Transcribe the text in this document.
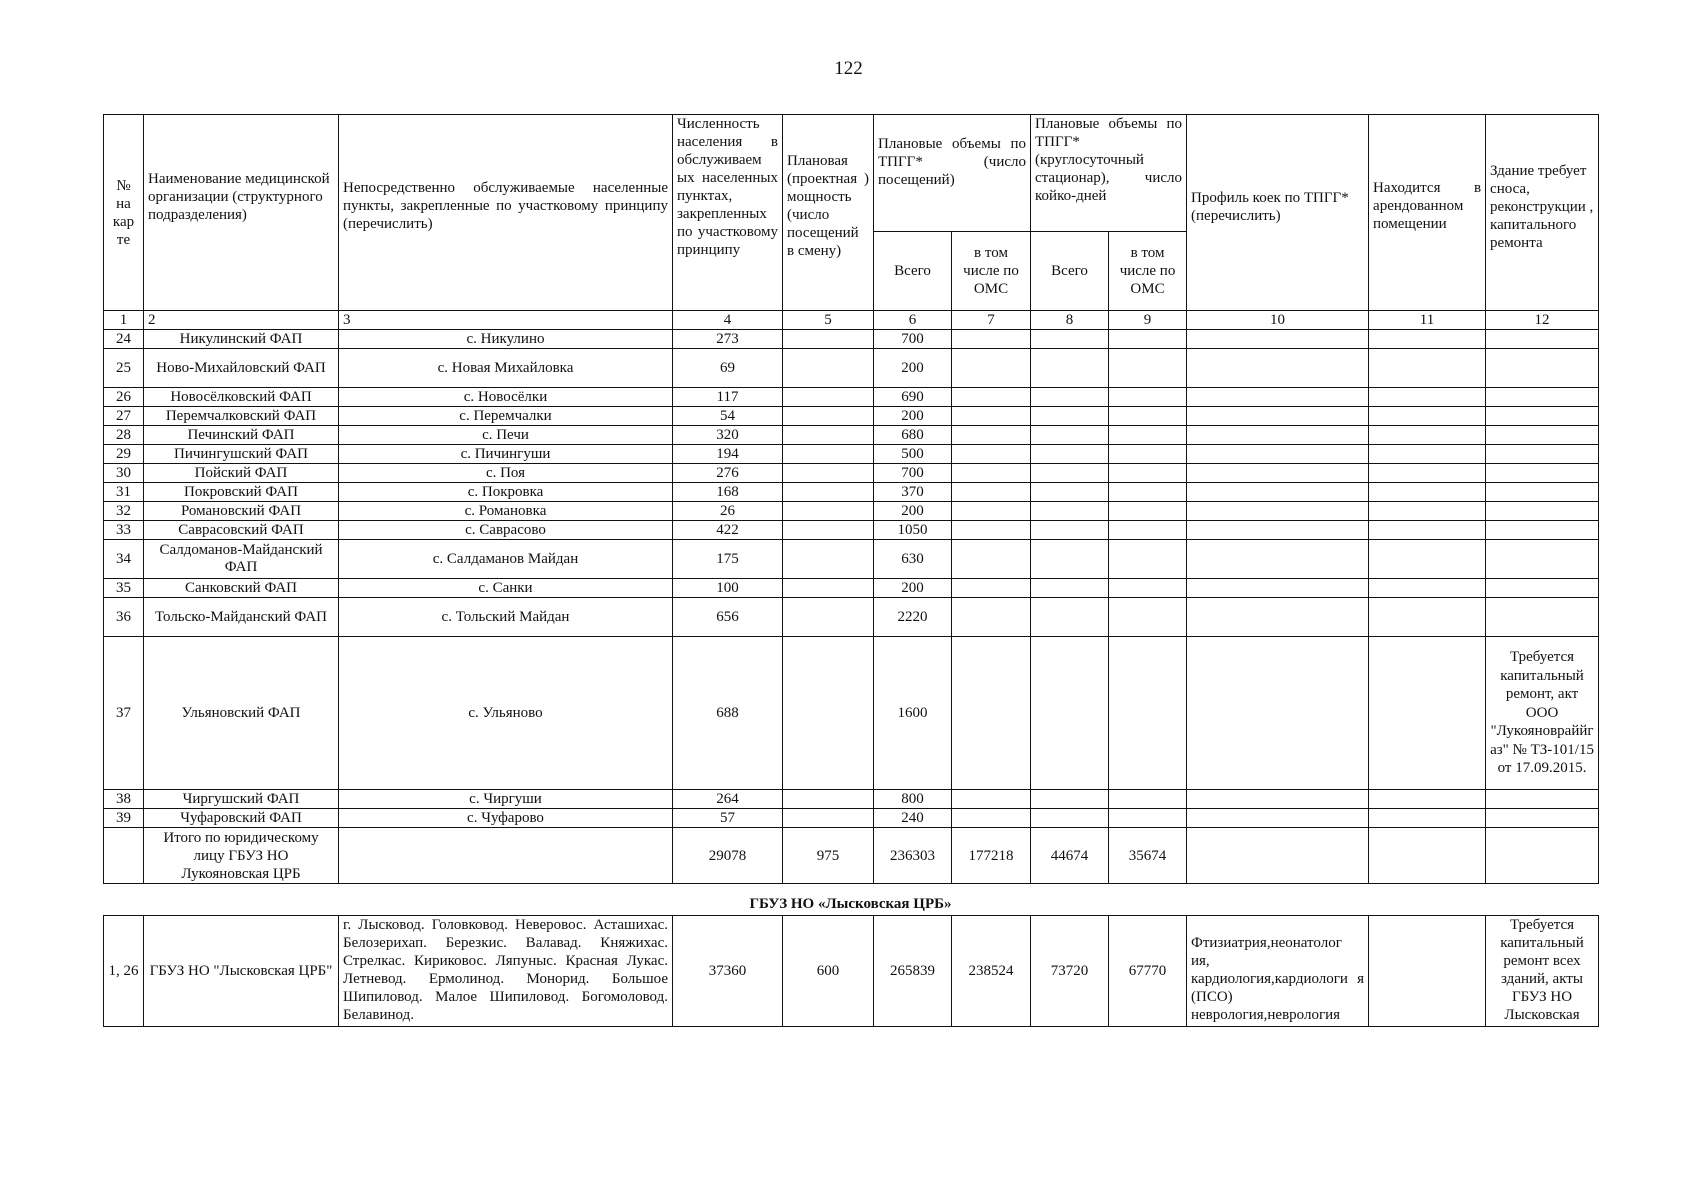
122
№ на кар те	Наименование медицинской организации (структурного подразделения)	Непосредственно обслуживаемые населенные пункты, закрепленные по участковому принципу (перечислить)	Численность населения в обслуживаем ых населенных пунктах, закрепленных по участковому принципу	Плановая (проектная ) мощность (число посещений в смену)	Плановые объемы по ТПГГ* (число посещений)		Плановые объемы по ТПГГ* (круглосуточный стационар), число койко-дней		Профиль коек по ТПГГ* (перечислить)	Находится в арендованном помещении	Здание требует сноса, реконструкции , капитального ремонта
					Всего	в том числе по ОМС	Всего	в том числе по ОМС			
1	2	3	4	5	6	7	8	9	10	11	12
24	Никулинский ФАП	с. Никулино	273		700						
25	Ново-Михайловский ФАП	с. Новая Михайловка	69		200						
26	Новосёлковский ФАП	с. Новосёлки	117		690						
27	Перемчалковский ФАП	с. Перемчалки	54		200						
28	Печинский ФАП	с. Печи	320		680						
29	Пичингушский ФАП	с. Пичингуши	194		500						
30	Пойский ФАП	с. Поя	276		700						
31	Покровский ФАП	с. Покровка	168		370						
32	Романовский ФАП	с. Романовка	26		200						
33	Саврасовский ФАП	с. Саврасово	422		1050						
34	Салдоманов-Майданский ФАП	с. Салдаманов Майдан	175		630						
35	Санковский ФАП	с. Санки	100		200						
36	Тольско-Майданский ФАП	с. Тольский Майдан	656		2220						
37	Ульяновский ФАП	с. Ульяново	688		1600						Требуется капитальный ремонт, акт ООО "Лукояновраййг аз" № ТЗ-101/15 от 17.09.2015.
38	Чиргушский ФАП	с. Чиргуши	264		800						
39	Чуфаровский ФАП	с. Чуфарово	57		240						
	Итого по юридическому лицу ГБУЗ НО Лукояновская ЦРБ		29078	975	236303	177218	44674	35674			
ГБУЗ НО «Лысковская ЦРБ»
1, 26	ГБУЗ НО "Лысковская ЦРБ"	г. Лысковод. Головковод. Неверовос. Асташихас. Белозерихап. Березкис. Валавад. Княжихас. Стрелкас. Кириковос. Ляпуныс. Красная Лукас. Летневод. Ермолинод. Монорид. Большое Шипиловод. Малое Шипиловод. Богомоловод. Белавинод.	37360	600	265839	238524	73720	67770	Фтизиатрия,неонатолог ия, кардиология,кардиологи я (ПСО) неврология,неврология		Требуется капитальный ремонт всех зданий, акты ГБУЗ НО Лысковская
